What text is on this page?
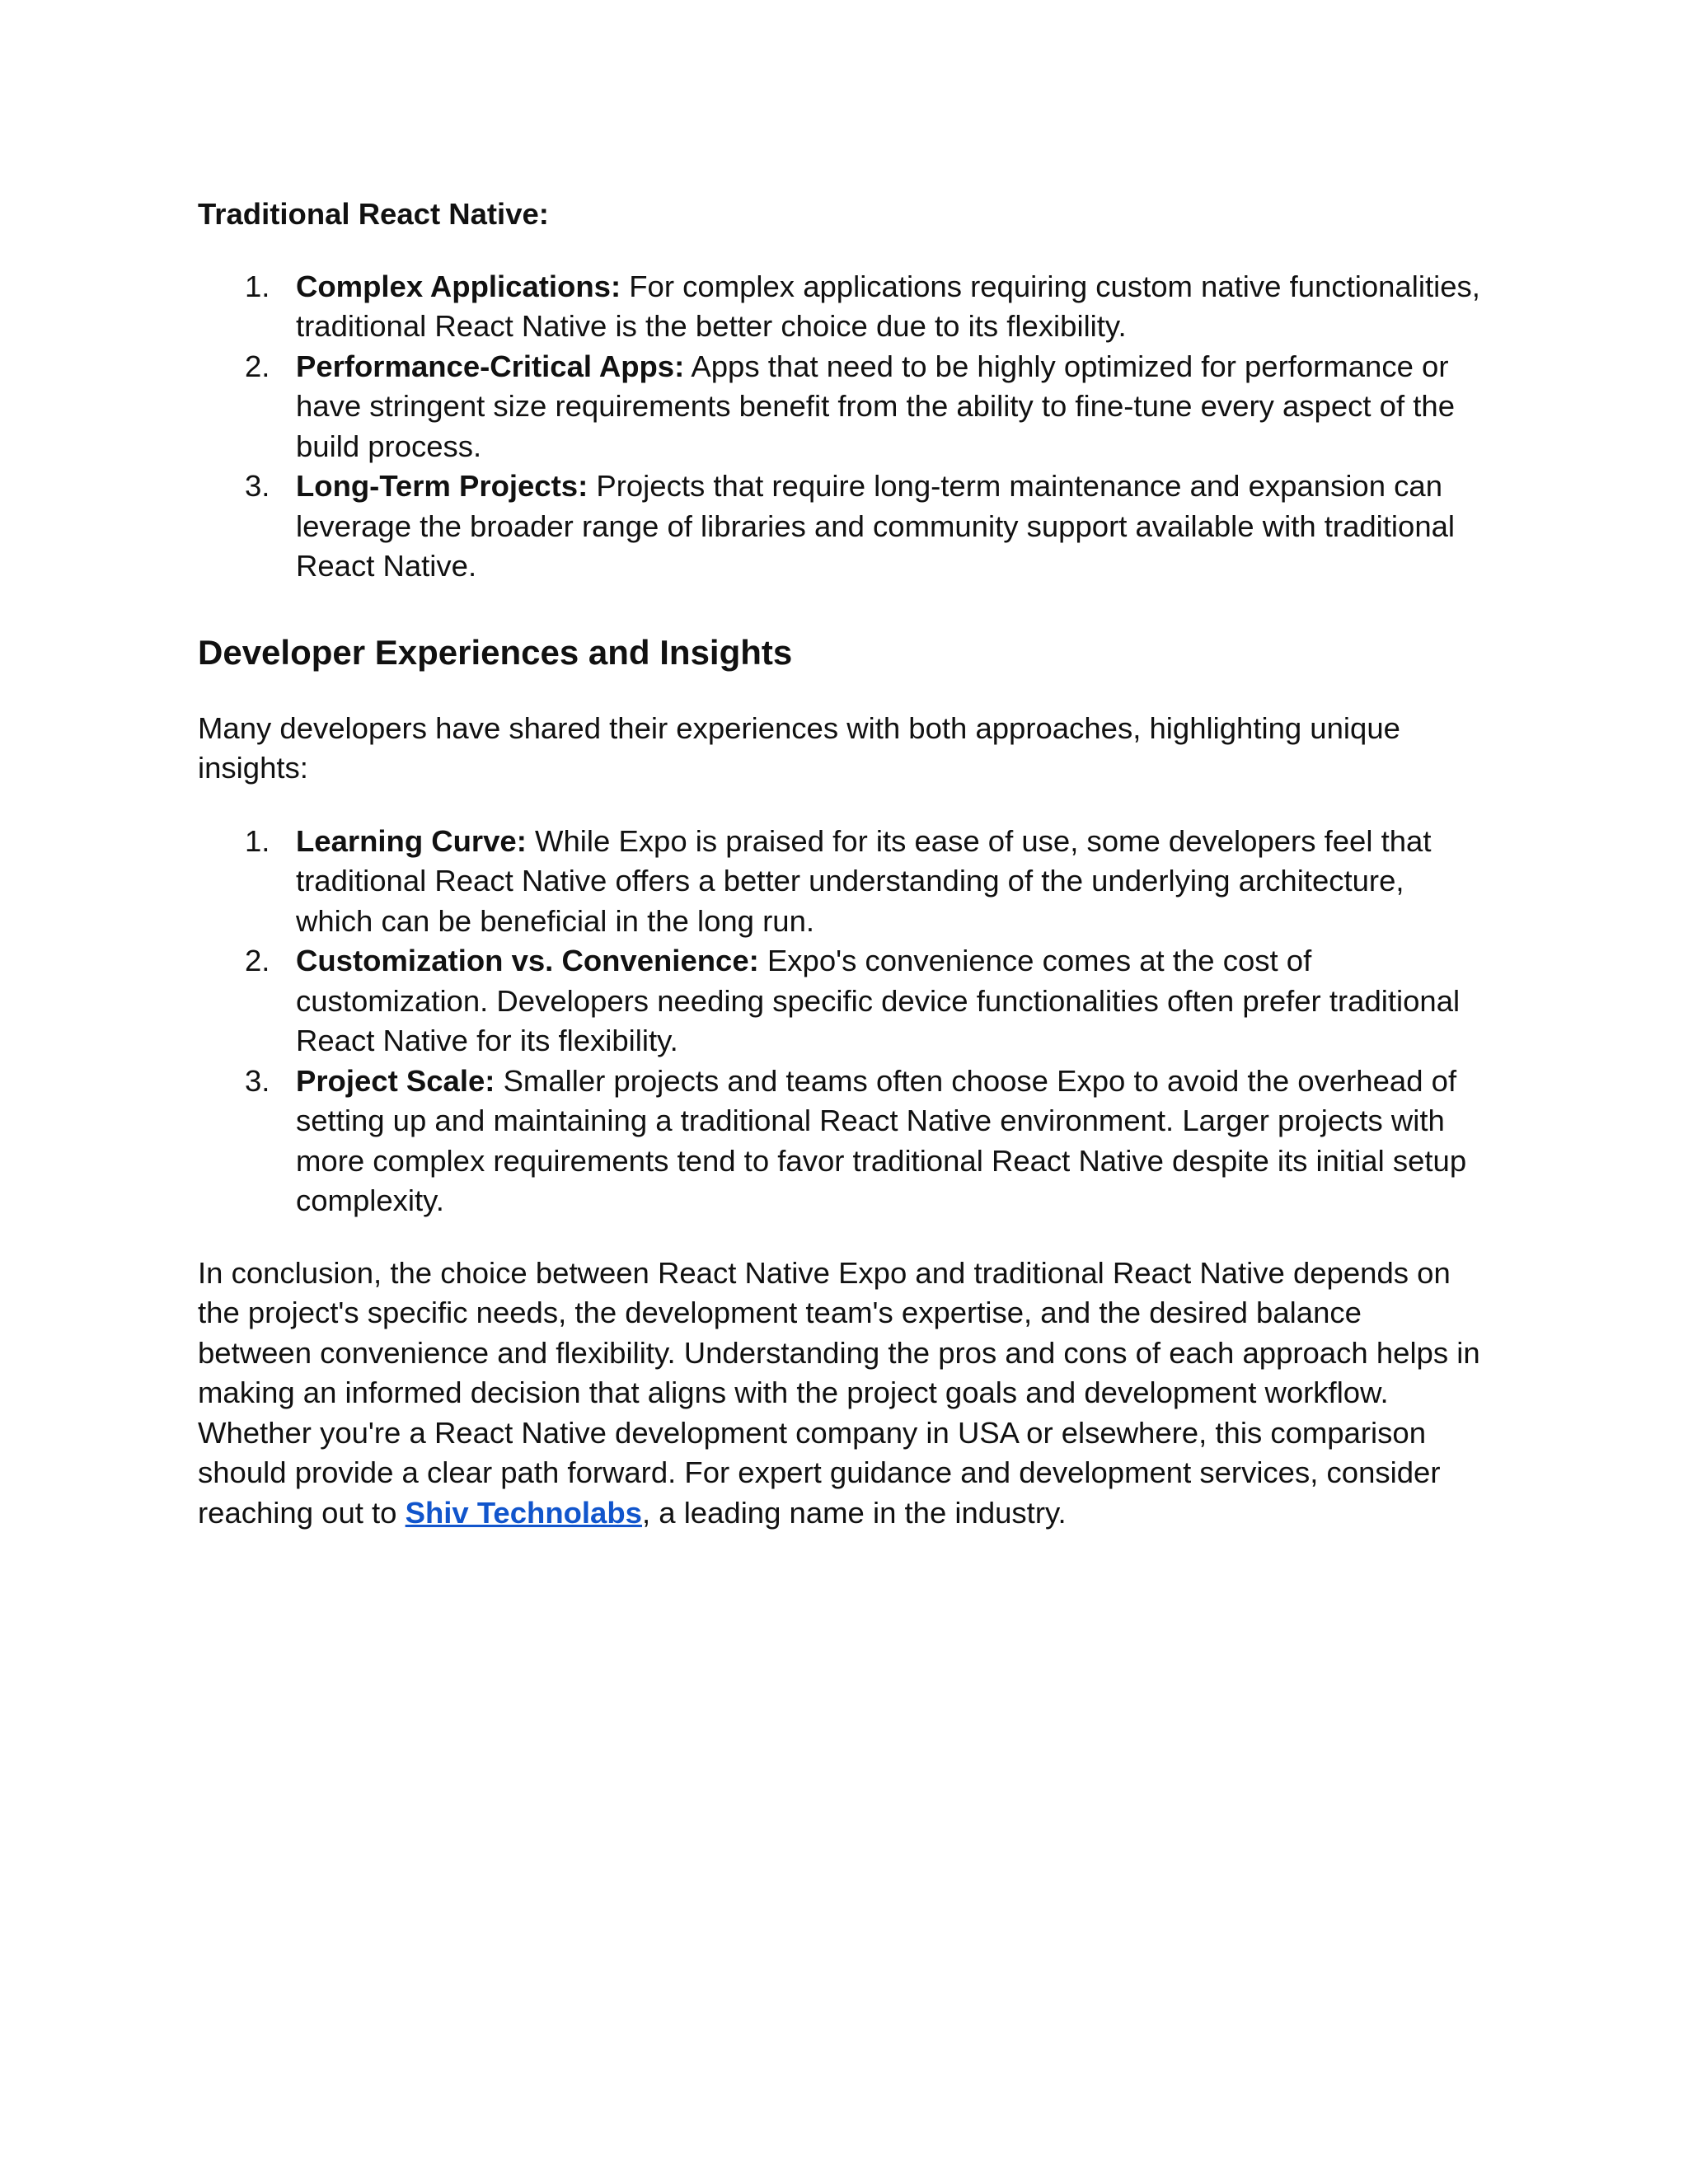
Traditional React Native:

1. Complex Applications: For complex applications requiring custom native functionalities, traditional React Native is the better choice due to its flexibility.
2. Performance-Critical Apps: Apps that need to be highly optimized for performance or have stringent size requirements benefit from the ability to fine-tune every aspect of the build process.
3. Long-Term Projects: Projects that require long-term maintenance and expansion can leverage the broader range of libraries and community support available with traditional React Native.
Developer Experiences and Insights

Many developers have shared their experiences with both approaches, highlighting unique insights:

1. Learning Curve: While Expo is praised for its ease of use, some developers feel that traditional React Native offers a better understanding of the underlying architecture, which can be beneficial in the long run.
2. Customization vs. Convenience: Expo's convenience comes at the cost of customization. Developers needing specific device functionalities often prefer traditional React Native for its flexibility.
3. Project Scale: Smaller projects and teams often choose Expo to avoid the overhead of setting up and maintaining a traditional React Native environment. Larger projects with more complex requirements tend to favor traditional React Native despite its initial setup complexity.

In conclusion, the choice between React Native Expo and traditional React Native depends on the project's specific needs, the development team's expertise, and the desired balance between convenience and flexibility. Understanding the pros and cons of each approach helps in making an informed decision that aligns with the project goals and development workflow. Whether you're a React Native development company in USA or elsewhere, this comparison should provide a clear path forward. For expert guidance and development services, consider reaching out to Shiv Technolabs, a leading name in the industry.
